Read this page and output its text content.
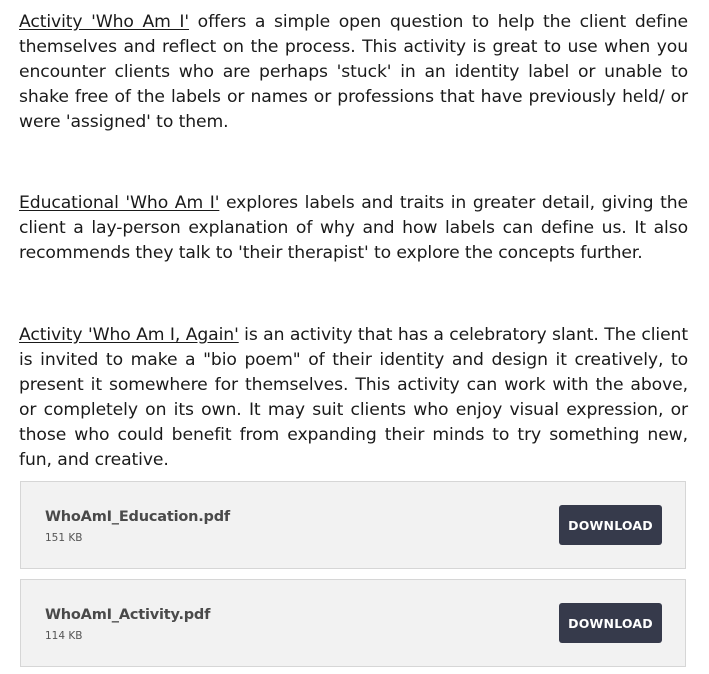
Activity 'Who Am I' offers a simple open question to help the client define themselves and reflect on the process. This activity is great to use when you encounter clients who are perhaps 'stuck' in an identity label or unable to shake free of the labels or names or professions that have previously held/ or were 'assigned' to them.

Educational 'Who Am I' explores labels and traits in greater detail, giving the client a lay-person explanation of why and how labels can define us. It also recommends they talk to 'their therapist' to explore the concepts further.

Activity 'Who Am I, Again' is an activity that has a celebratory slant. The client is invited to make a "bio poem" of their identity and design it creatively, to present it somewhere for themselves. This activity can work with the above, or completely on its own. It may suit clients who enjoy visual expression, or those who could benefit from expanding their minds to try something new, fun, and creative.

WhoAmI_Education.pdf
151 KB
DOWNLOAD
WhoAmI_Activity.pdf
114 KB
DOWNLOAD
